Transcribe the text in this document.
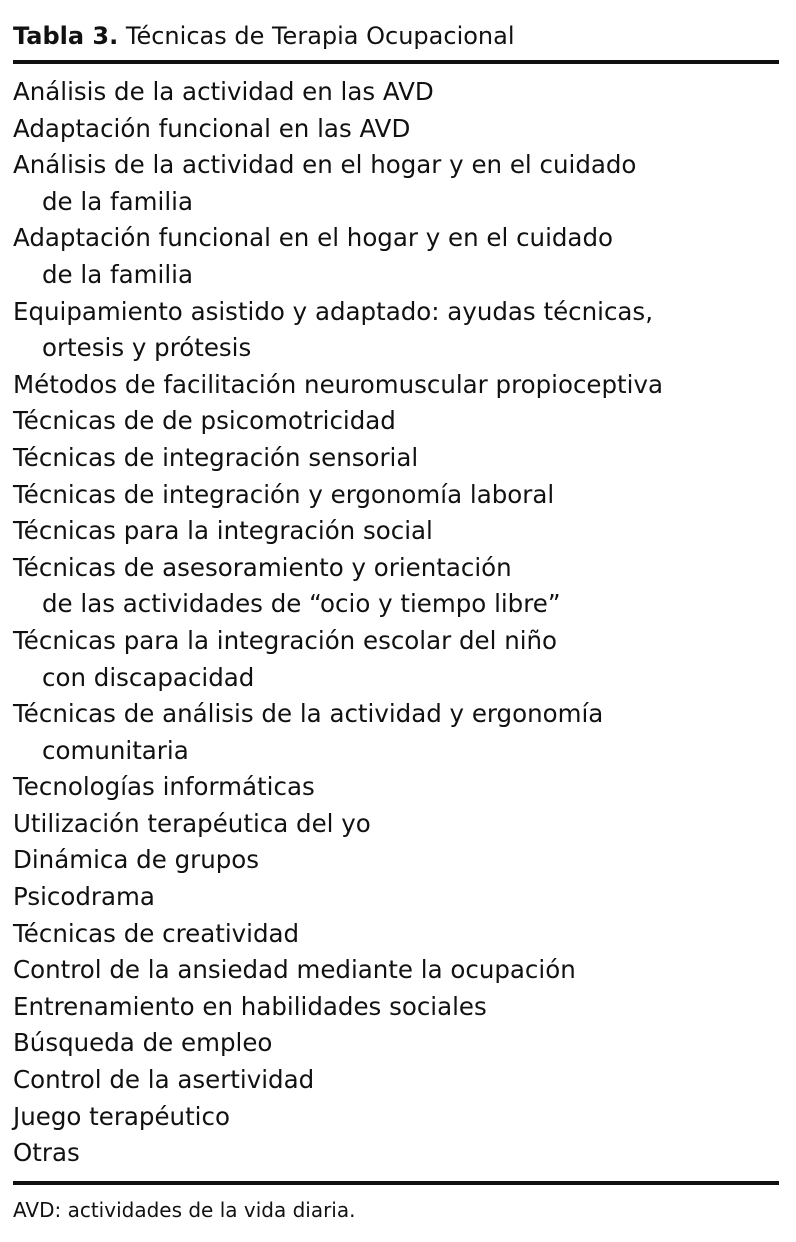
Tabla 3. Técnicas de Terapia Ocupacional
Análisis de la actividad en las AVD
Adaptación funcional en las AVD
Análisis de la actividad en el hogar y en el cuidado
de la familia
Adaptación funcional en el hogar y en el cuidado
de la familia
Equipamiento asistido y adaptado: ayudas técnicas,
ortesis y prótesis
Métodos de facilitación neuromuscular propioceptiva
Técnicas de de psicomotricidad
Técnicas de integración sensorial
Técnicas de integración y ergonomía laboral
Técnicas para la integración social
Técnicas de asesoramiento y orientación
de las actividades de “ocio y tiempo libre”
Técnicas para la integración escolar del niño
con discapacidad
Técnicas de análisis de la actividad y ergonomía
comunitaria
Tecnologías informáticas
Utilización terapéutica del yo
Dinámica de grupos
Psicodrama
Técnicas de creatividad
Control de la ansiedad mediante la ocupación
Entrenamiento en habilidades sociales
Búsqueda de empleo
Control de la asertividad
Juego terapéutico
Otras
AVD: actividades de la vida diaria.
